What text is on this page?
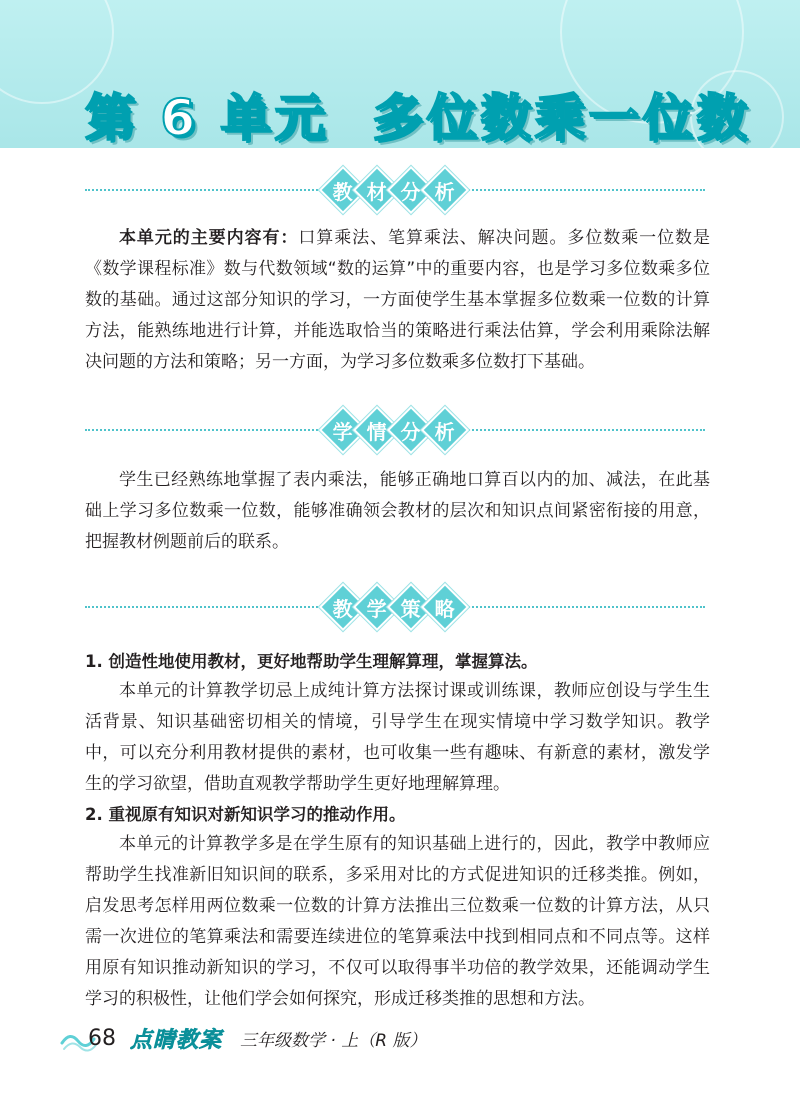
第 6 单元 多位数乘一位数
教 材 分 析

本单元的主要内容有：口算乘法、笔算乘法、解决问题。多位数乘一位数是《数学课程标准》数与代数领域“数的运算”中的重要内容，也是学习多位数乘多位数的基础。通过这部分知识的学习，一方面使学生基本掌握多位数乘一位数的计算方法，能熟练地进行计算，并能选取恰当的策略进行乘法估算，学会利用乘除法解决问题的方法和策略；另一方面，为学习多位数乘多位数打下基础。

学 情 分 析

学生已经熟练地掌握了表内乘法，能够正确地口算百以内的加、减法，在此基础上学习多位数乘一位数，能够准确领会教材的层次和知识点间紧密衔接的用意，把握教材例题前后的联系。

教 学 策 略
1. 创造性地使用教材，更好地帮助学生理解算理，掌握算法。

本单元的计算教学切忌上成纯计算方法探讨课或训练课，教师应创设与学生生活背景、知识基础密切相关的情境，引导学生在现实情境中学习数学知识。教学中，可以充分利用教材提供的素材，也可收集一些有趣味、有新意的素材，激发学生的学习欲望，借助直观教学帮助学生更好地理解算理。

2. 重视原有知识对新知识学习的推动作用。

本单元的计算教学多是在学生原有的知识基础上进行的，因此，教学中教师应帮助学生找准新旧知识间的联系，多采用对比的方式促进知识的迁移类推。例如，启发思考怎样用两位数乘一位数的计算方法推出三位数乘一位数的计算方法，从只需一次进位的笔算乘法和需要连续进位的笔算乘法中找到相同点和不同点等。这样用原有知识推动新知识的学习，不仅可以取得事半功倍的教学效果，还能调动学生学习的积极性，让他们学会如何探究，形成迁移类推的思想和方法。

68 点睛教案 三年级数学 · 上（R 版）
